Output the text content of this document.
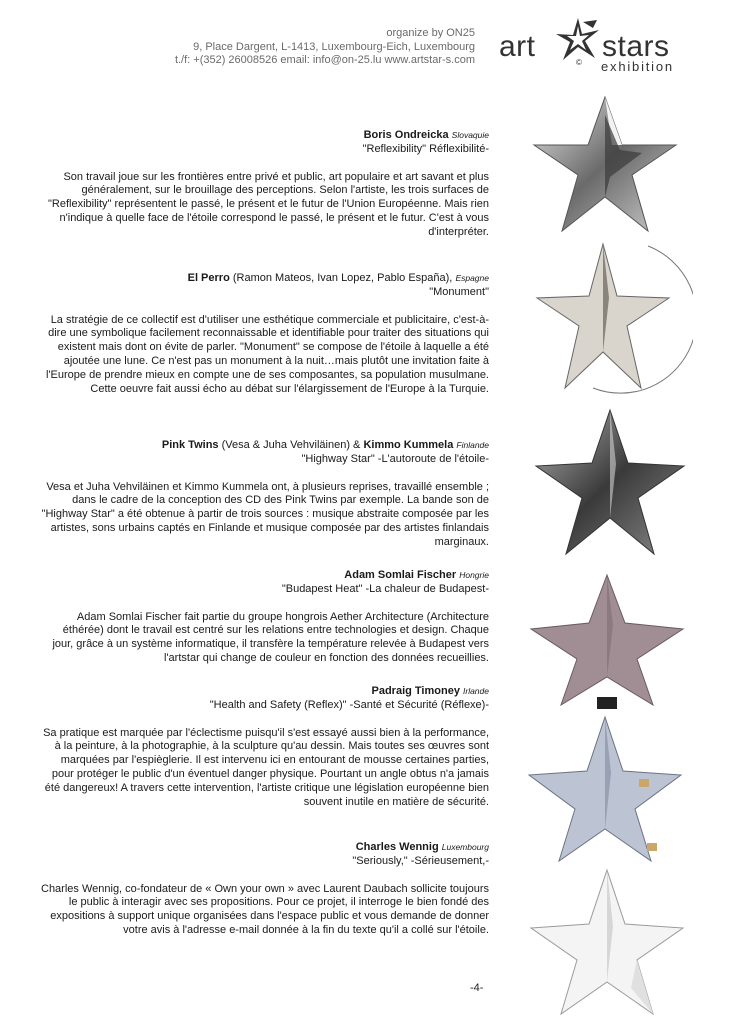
organize by ON25
9, Place Dargent, L-1413, Luxembourg-Eich, Luxembourg
t./f: +(352) 26008526 email: info@on-25.lu www.artstar-s.com art	© stars
exhibition
Boris Ondreicka Slovaquie
"Reflexibility" Réflexibilité-

Son travail joue sur les frontières entre privé et public, art populaire et art savant et plus généralement, sur le brouillage des perceptions. Selon l'artiste, les trois surfaces de "Reflexibility" représentent le passé, le présent et le futur de l'Union Européenne. Mais rien n'indique à quelle face de l'étoile correspond le passé, le présent et le futur. C'est à vous d'interpréter.

El Perro (Ramon Mateos, Ivan Lopez, Pablo España), Espagne
"Monument"

La stratégie de ce collectif est d'utiliser une esthétique commerciale et publicitaire, c'est-à-dire une symbolique facilement reconnaissable et identifiable pour traiter des situations qui existent mais dont on évite de parler. "Monument" se compose de l'étoile à laquelle a été ajoutée une lune. Ce n'est pas un monument à la nuit…mais plutôt une invitation faite à l'Europe de prendre mieux en compte une de ses composantes, sa population musulmane. Cette oeuvre fait aussi écho au débat sur l'élargissement de l'Europe à la Turquie.

Pink Twins (Vesa & Juha Vehviläinen) & Kimmo Kummela Finlande
"Highway Star" -L'autoroute de l'étoile-

Vesa et Juha Vehviläinen et Kimmo Kummela ont, à plusieurs reprises, travaillé ensemble ; dans le cadre de la conception des CD des Pink Twins par exemple. La bande son de "Highway Star" a été obtenue à partir de trois sources : musique abstraite composée par les artistes, sons urbains captés en Finlande et musique composée par des artistes finlandais marginaux.

Adam Somlai Fischer Hongrie
"Budapest Heat" -La chaleur de Budapest-

Adam Somlai Fischer fait partie du groupe hongrois Aether Architecture (Architecture éthérée) dont le travail est centré sur les relations entre technologies et design. Chaque jour, grâce à un système informatique, il transfère la température relevée à Budapest vers l'artstar qui change de couleur en fonction des données recueillies.

Padraig Timoney Irlande
"Health and Safety (Reflex)" -Santé et Sécurité (Réflexe)-

Sa pratique est marquée par l'éclectisme puisqu'il s'est essayé aussi bien à la performance, à la peinture, à la photographie, à la sculpture qu'au dessin. Mais toutes ses œuvres sont marquées par l'espièglerie. Il est intervenu ici en entourant de mousse certaines parties, pour protéger le public d'un éventuel danger physique. Pourtant un angle obtus n'a jamais été dangereux! A travers cette intervention, l'artiste critique une législation européenne bien souvent inutile en matière de sécurité.

Charles Wennig Luxembourg
"Seriously," -Sérieusement,-

Charles Wennig, co-fondateur de « Own your own » avec Laurent Daubach sollicite toujours le public à interagir avec ses propositions. Pour ce projet, il interroge le bien fondé des expositions à support unique organisées dans l'espace public et vous demande de donner votre avis à l'adresse e-mail donnée à la fin du texte qu'il a collé sur l'étoile.

-4-
